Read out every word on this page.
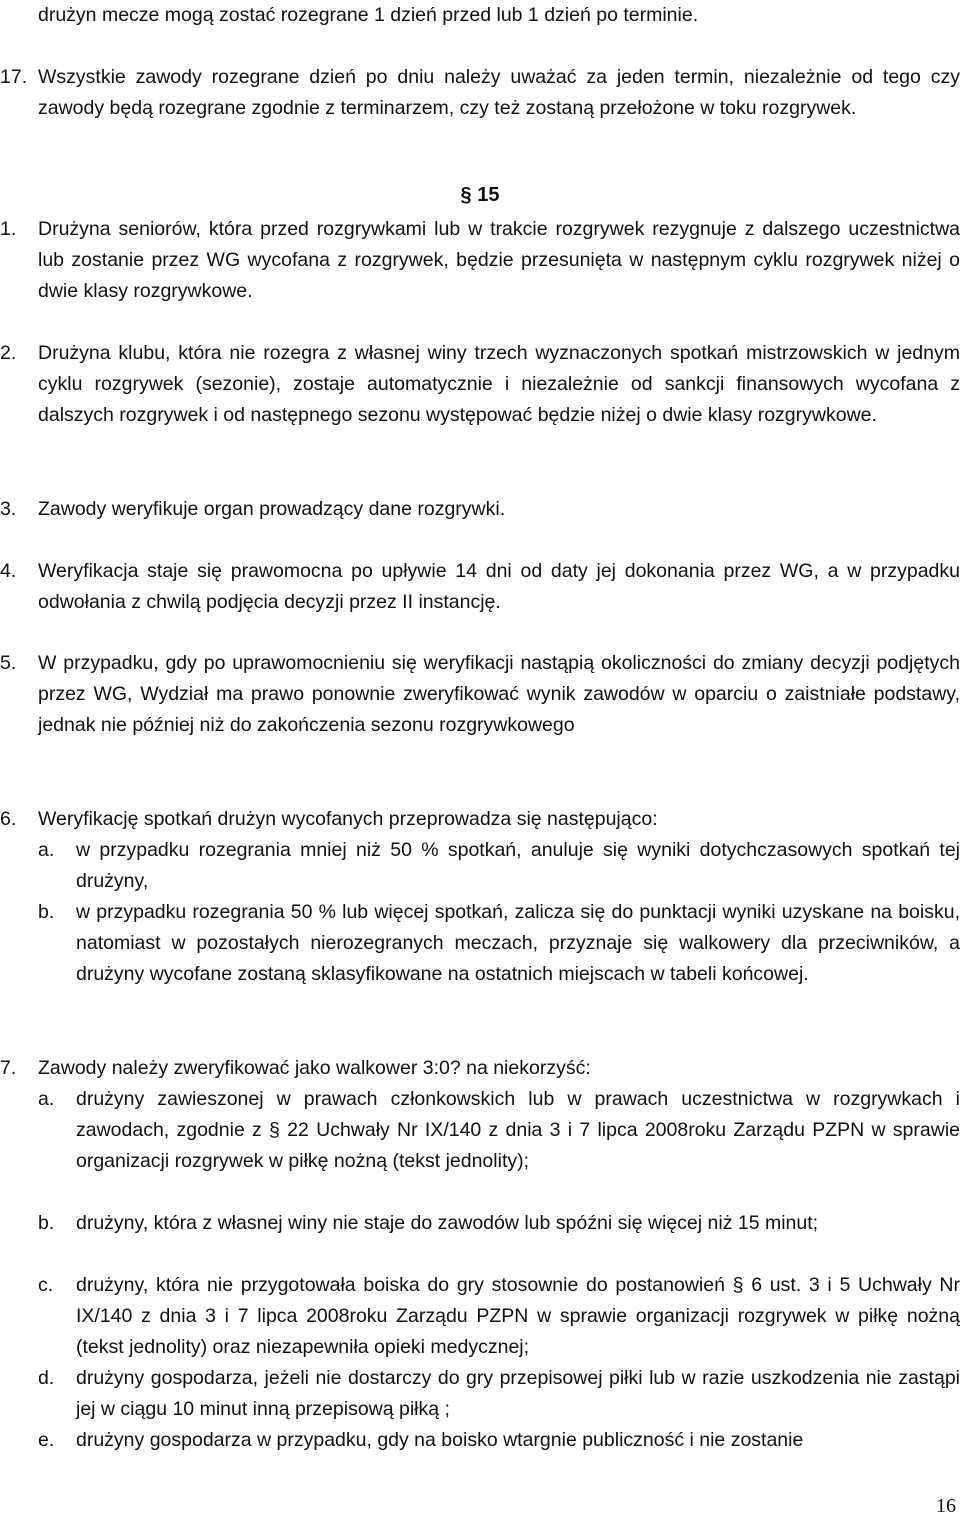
drużyn mecze mogą zostać rozegrane 1 dzień przed lub 1 dzień po terminie.
17. Wszystkie zawody rozegrane dzień po dniu należy uważać za jeden termin, niezależnie od tego czy zawody będą rozegrane zgodnie z terminarzem, czy też zostaną przełożone w toku rozgrywek.
§ 15
1. Drużyna seniorów, która przed rozgrywkami lub w trakcie rozgrywek rezygnuje z dalszego uczestnictwa lub zostanie przez WG wycofana z rozgrywek, będzie przesunięta w następnym cyklu rozgrywek niżej o dwie klasy rozgrywkowe.
2. Drużyna klubu, która nie rozegra z własnej winy trzech wyznaczonych spotkań mistrzowskich w jednym cyklu rozgrywek (sezonie), zostaje automatycznie i niezależnie od sankcji finansowych wycofana z dalszych rozgrywek i od następnego sezonu występować będzie niżej o dwie klasy rozgrywkowe.
3. Zawody weryfikuje organ prowadzący dane rozgrywki.
4. Weryfikacja staje się prawomocna po upływie 14 dni od daty jej dokonania przez WG, a w przypadku odwołania z chwilą podjęcia decyzji przez II instancję.
5. W przypadku, gdy po uprawomocnieniu się weryfikacji nastąpią okoliczności do zmiany decyzji podjętych przez WG, Wydział ma prawo ponownie zweryfikować wynik zawodów w oparciu o zaistniałe podstawy, jednak nie później niż do zakończenia sezonu rozgrywkowego
6. Weryfikację spotkań drużyn wycofanych przeprowadza się następująco:
a. w przypadku rozegrania mniej niż 50 % spotkań, anuluje się wyniki dotychczasowych spotkań tej drużyny,
b. w przypadku rozegrania 50 % lub więcej spotkań, zalicza się do punktacji wyniki uzyskane na boisku, natomiast w pozostałych nierozegranych meczach, przyznaje się walkowery dla przeciwników, a drużyny wycofane zostaną sklasyfikowane na ostatnich miejscach w tabeli końcowej.
7. Zawody należy zweryfikować jako walkower 3:0? na niekorzyść:
a. drużyny zawieszonej w prawach członkowskich lub w prawach uczestnictwa w rozgrywkach i zawodach, zgodnie z § 22 Uchwały Nr IX/140 z dnia 3 i 7 lipca 2008roku Zarządu PZPN w sprawie organizacji rozgrywek w piłkę nożną (tekst jednolity);
b. drużyny, która z własnej winy nie staje do zawodów lub spóźni się więcej niż 15 minut;
c. drużyny, która nie przygotowała boiska do gry stosownie do postanowień § 6 ust. 3 i 5 Uchwały Nr IX/140 z dnia 3 i 7 lipca 2008roku Zarządu PZPN w sprawie organizacji rozgrywek w piłkę nożną (tekst jednolity) oraz niezapewniła opieki medycznej;
d. drużyny gospodarza, jeżeli nie dostarczy do gry przepisowej piłki lub w razie uszkodzenia nie zastąpi jej w ciągu 10 minut inną przepisową piłką ;
e. drużyny gospodarza w przypadku, gdy na boisko wtargnie publiczność i nie zostanie
16
